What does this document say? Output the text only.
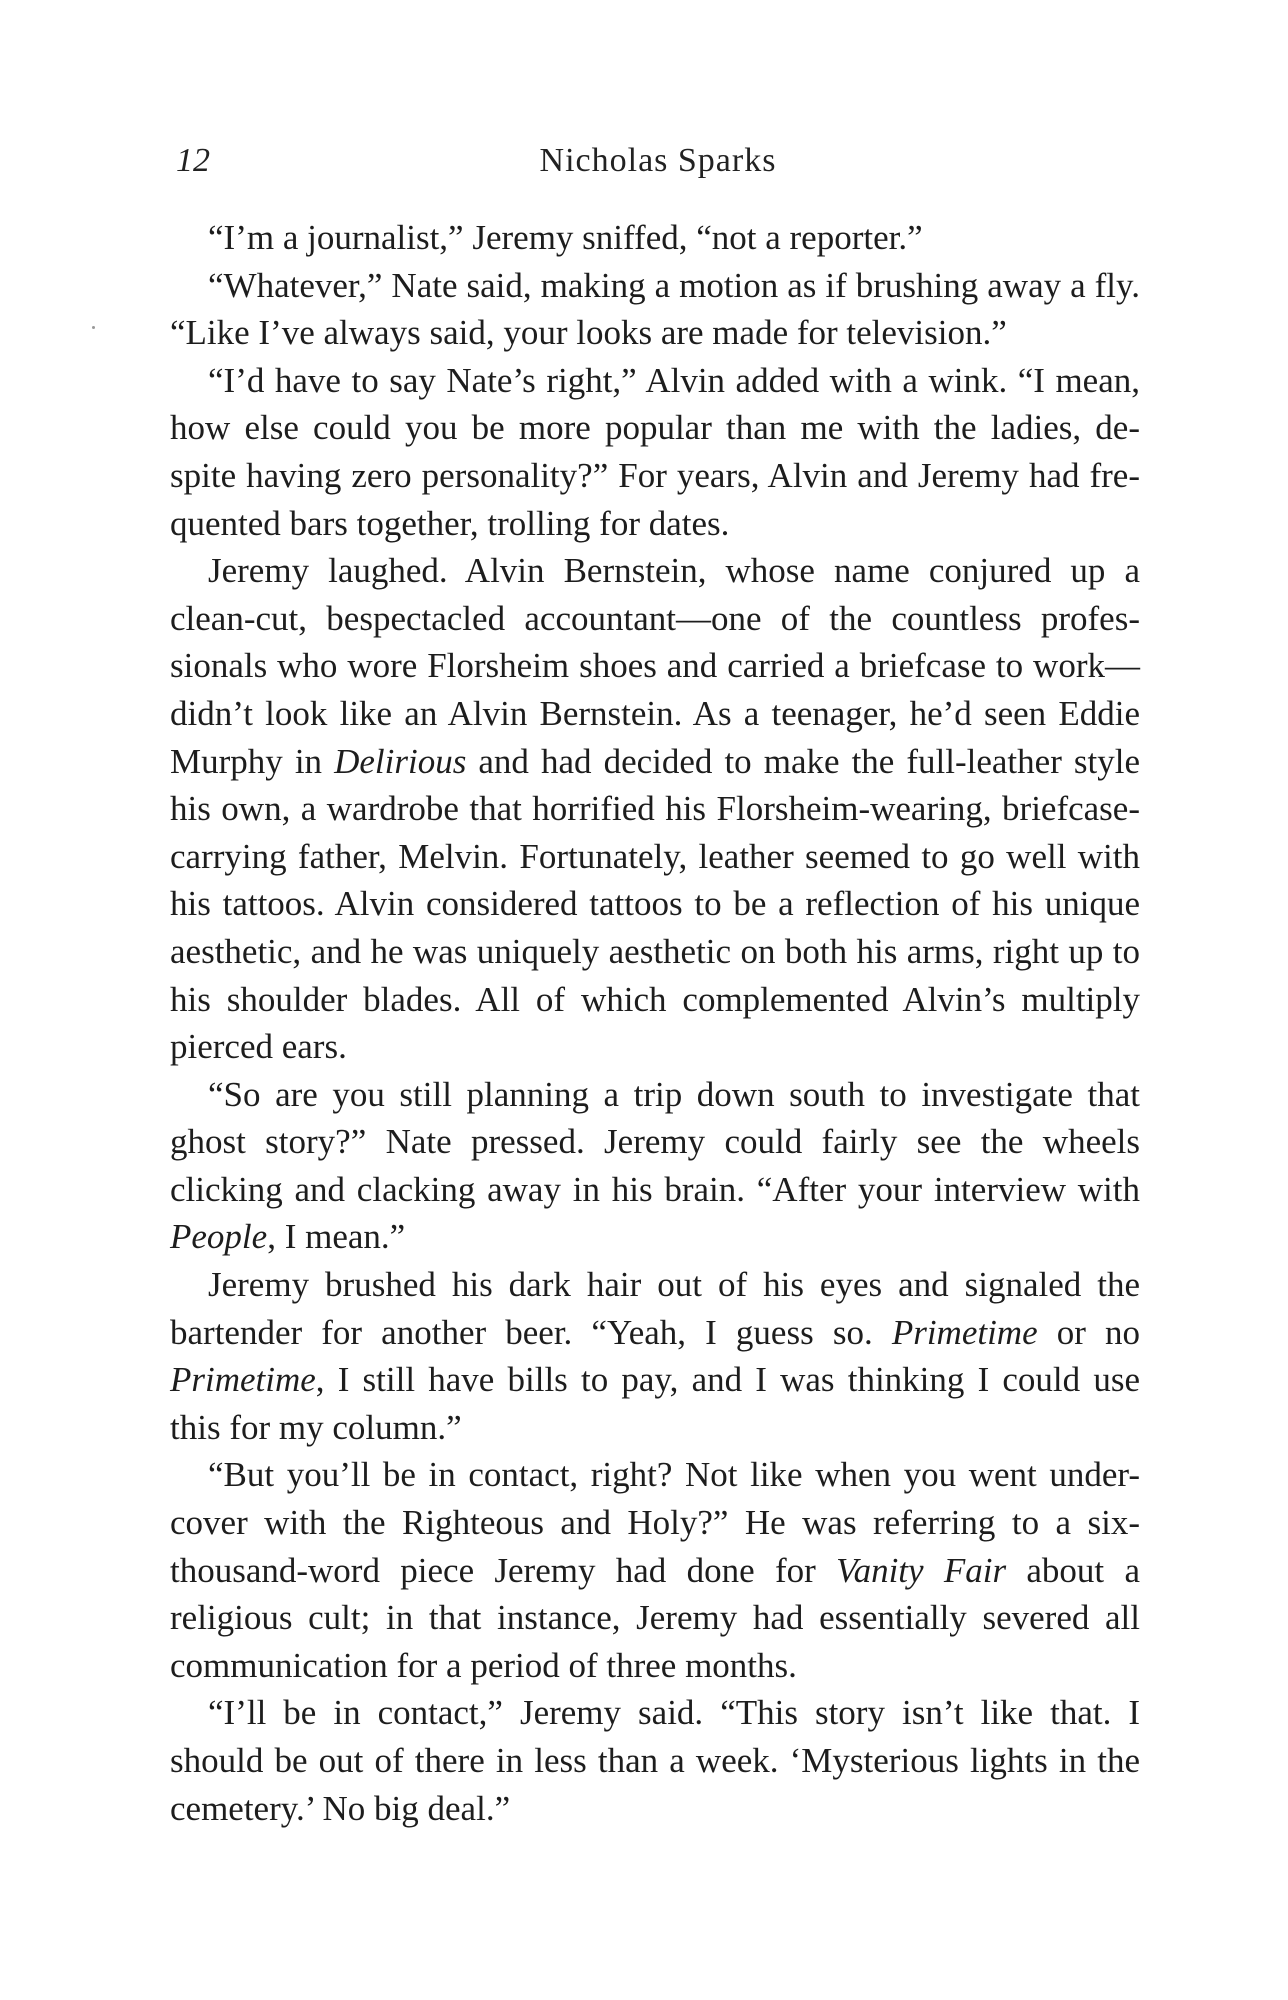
12	Nicholas Sparks

“I’m a journalist,” Jeremy sniffed, “not a reporter.”

“Whatever,” Nate said, making a motion as if brushing away a fly. “Like I’ve always said, your looks are made for television.”

“I’d have to say Nate’s right,” Alvin added with a wink. “I mean, how else could you be more popular than me with the ladies, de-spite having zero personality?” For years, Alvin and Jeremy had fre-quented bars together, trolling for dates.

Jeremy laughed. Alvin Bernstein, whose name conjured up a clean-cut, bespectacled accountant—one of the countless profes-sionals who wore Florsheim shoes and carried a briefcase to work—didn’t look like an Alvin Bernstein. As a teenager, he’d seen Eddie Murphy in Delirious and had decided to make the full-leather style his own, a wardrobe that horrified his Florsheim-wearing, briefcase-carrying father, Melvin. Fortunately, leather seemed to go well with his tattoos. Alvin considered tattoos to be a reflection of his unique aesthetic, and he was uniquely aesthetic on both his arms, right up to his shoulder blades. All of which complemented Alvin’s multiply pierced ears.

“So are you still planning a trip down south to investigate that ghost story?” Nate pressed. Jeremy could fairly see the wheels clicking and clacking away in his brain. “After your interview with People, I mean.”

Jeremy brushed his dark hair out of his eyes and signaled the bartender for another beer. “Yeah, I guess so. Primetime or no Primetime, I still have bills to pay, and I was thinking I could use this for my column.”

“But you’ll be in contact, right? Not like when you went under-cover with the Righteous and Holy?” He was referring to a six-thousand-word piece Jeremy had done for Vanity Fair about a religious cult; in that instance, Jeremy had essentially severed all communication for a period of three months.

“I’ll be in contact,” Jeremy said. “This story isn’t like that. I should be out of there in less than a week. ‘Mysterious lights in the cemetery.’ No big deal.”
